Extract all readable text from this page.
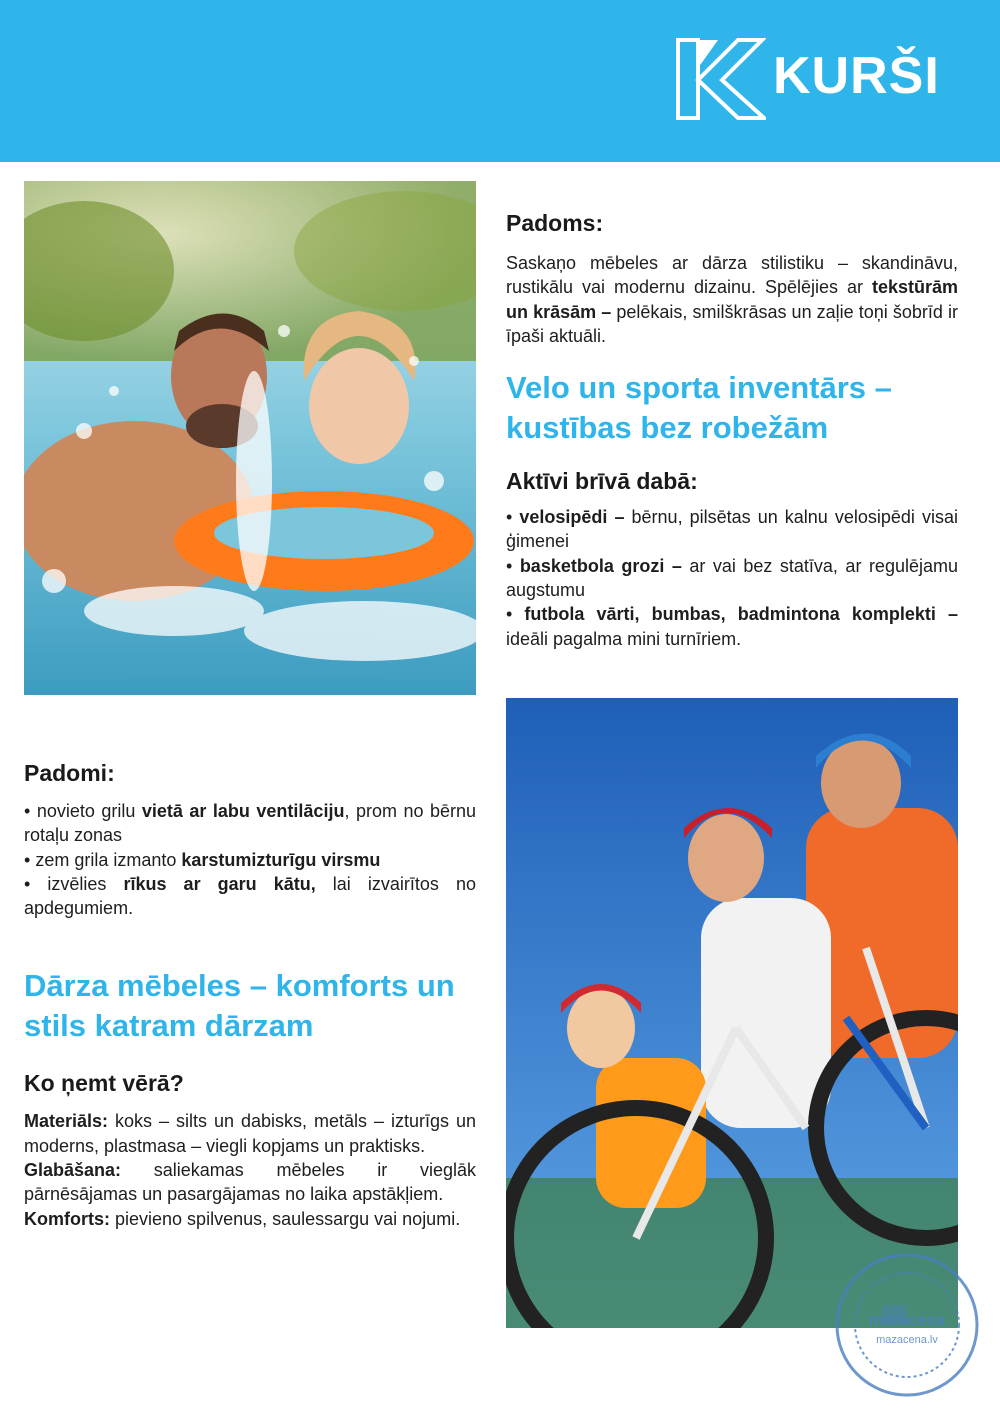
KURŠI
Padoms:

Saskaņo mēbeles ar dārza stilistiku – skandināvu, rustikālu vai modernu dizainu. Spēlējies ar tekstūrām un krāsām – pelēkais, smilškrāsas un zaļie toņi šobrīd ir īpaši aktuāli.

Velo un sporta inventārs – kustības bez robežām
Aktīvi brīvā dabā:

• velosipēdi – bērnu, pilsētas un kalnu velosipēdi visai ģimenei

• basketbola grozi – ar vai bez statīva, ar regulējamu augstumu

• futbola vārti, bumbas, badmintona komplekti – ideāli pagalma mini turnīriem.

Padomi:

• novieto grilu vietā ar labu ventilāciju, prom no bērnu rotaļu zonas

• zem grila izmanto karstumizturīgu virsmu

• izvēlies rīkus ar garu kātu, lai izvairītos no apdegumiem.

Dārza mēbeles – komforts un stils katram dārzam
Ko ņemt vērā?

Materiāls: koks – silts un dabisks, metāls – izturīgs un moderns, plastmasa – viegli kopjams un praktisks.

Glabāšana: saliekamas mēbeles ir vieglāk pārnēsājamas un pasargājamas no laika apstākļiem.

Komforts: pievieno spilvenus, saulessargu vai nojumi.

mazacena
mazacena.lv
